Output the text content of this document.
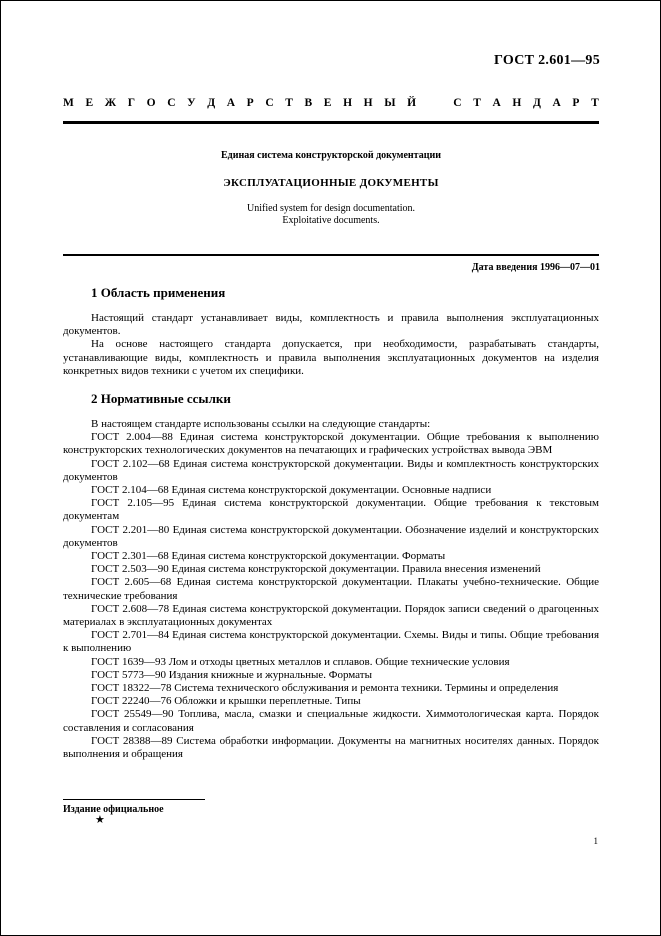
ГОСТ 2.601—95
М Е Ж Г О С У Д А Р С Т В Е Н Н Ы Й	С Т А Н Д А Р Т
Единая система конструкторской документации
ЭКСПЛУАТАЦИОННЫЕ ДОКУМЕНТЫ
Unified system for design documentation.
Exploitative documents.
Дата введения 1996—07—01
1 Область применения

Настоящий стандарт устанавливает виды, комплектность и правила выполнения эксплуатационных документов.

На основе настоящего стандарта допускается, при необходимости, разрабатывать стандарты, устанавливающие виды, комплектность и правила выполнения эксплуатационных документов на изделия конкретных видов техники с учетом их специфики.

2 Нормативные ссылки

В настоящем стандарте использованы ссылки на следующие стандарты:

ГОСТ 2.004—88 Единая система конструкторской документации. Общие требования к выполнению конструкторских технологических документов на печатающих и графических устройствах вывода ЭВМ

ГОСТ 2.102—68 Единая система конструкторской документации. Виды и комплектность конструкторских документов

ГОСТ 2.104—68 Единая система конструкторской документации. Основные надписи

ГОСТ 2.105—95 Единая система конструкторской документации. Общие требования к текстовым документам

ГОСТ 2.201—80 Единая система конструкторской документации. Обозначение изделий и конструкторских документов

ГОСТ 2.301—68 Единая система конструкторской документации. Форматы

ГОСТ 2.503—90 Единая система конструкторской документации. Правила внесения изменений

ГОСТ 2.605—68 Единая система конструкторской документации. Плакаты учебно-технические. Общие технические требования

ГОСТ 2.608—78 Единая система конструкторской документации. Порядок записи сведений о драгоценных материалах в эксплуатационных документах

ГОСТ 2.701—84 Единая система конструкторской документации. Схемы. Виды и типы. Общие требования к выполнению

ГОСТ 1639—93 Лом и отходы цветных металлов и сплавов. Общие технические условия

ГОСТ 5773—90 Издания книжные и журнальные. Форматы

ГОСТ 18322—78 Система технического обслуживания и ремонта техники. Термины и определения

ГОСТ 22240—76 Обложки и крышки переплетные. Типы

ГОСТ 25549—90 Топлива, масла, смазки и специальные жидкости. Химмотологическая карта. Порядок составления и согласования

ГОСТ 28388—89 Система обработки информации. Документы на магнитных носителях данных. Порядок выполнения и обращения

Издание официальное
★
1
